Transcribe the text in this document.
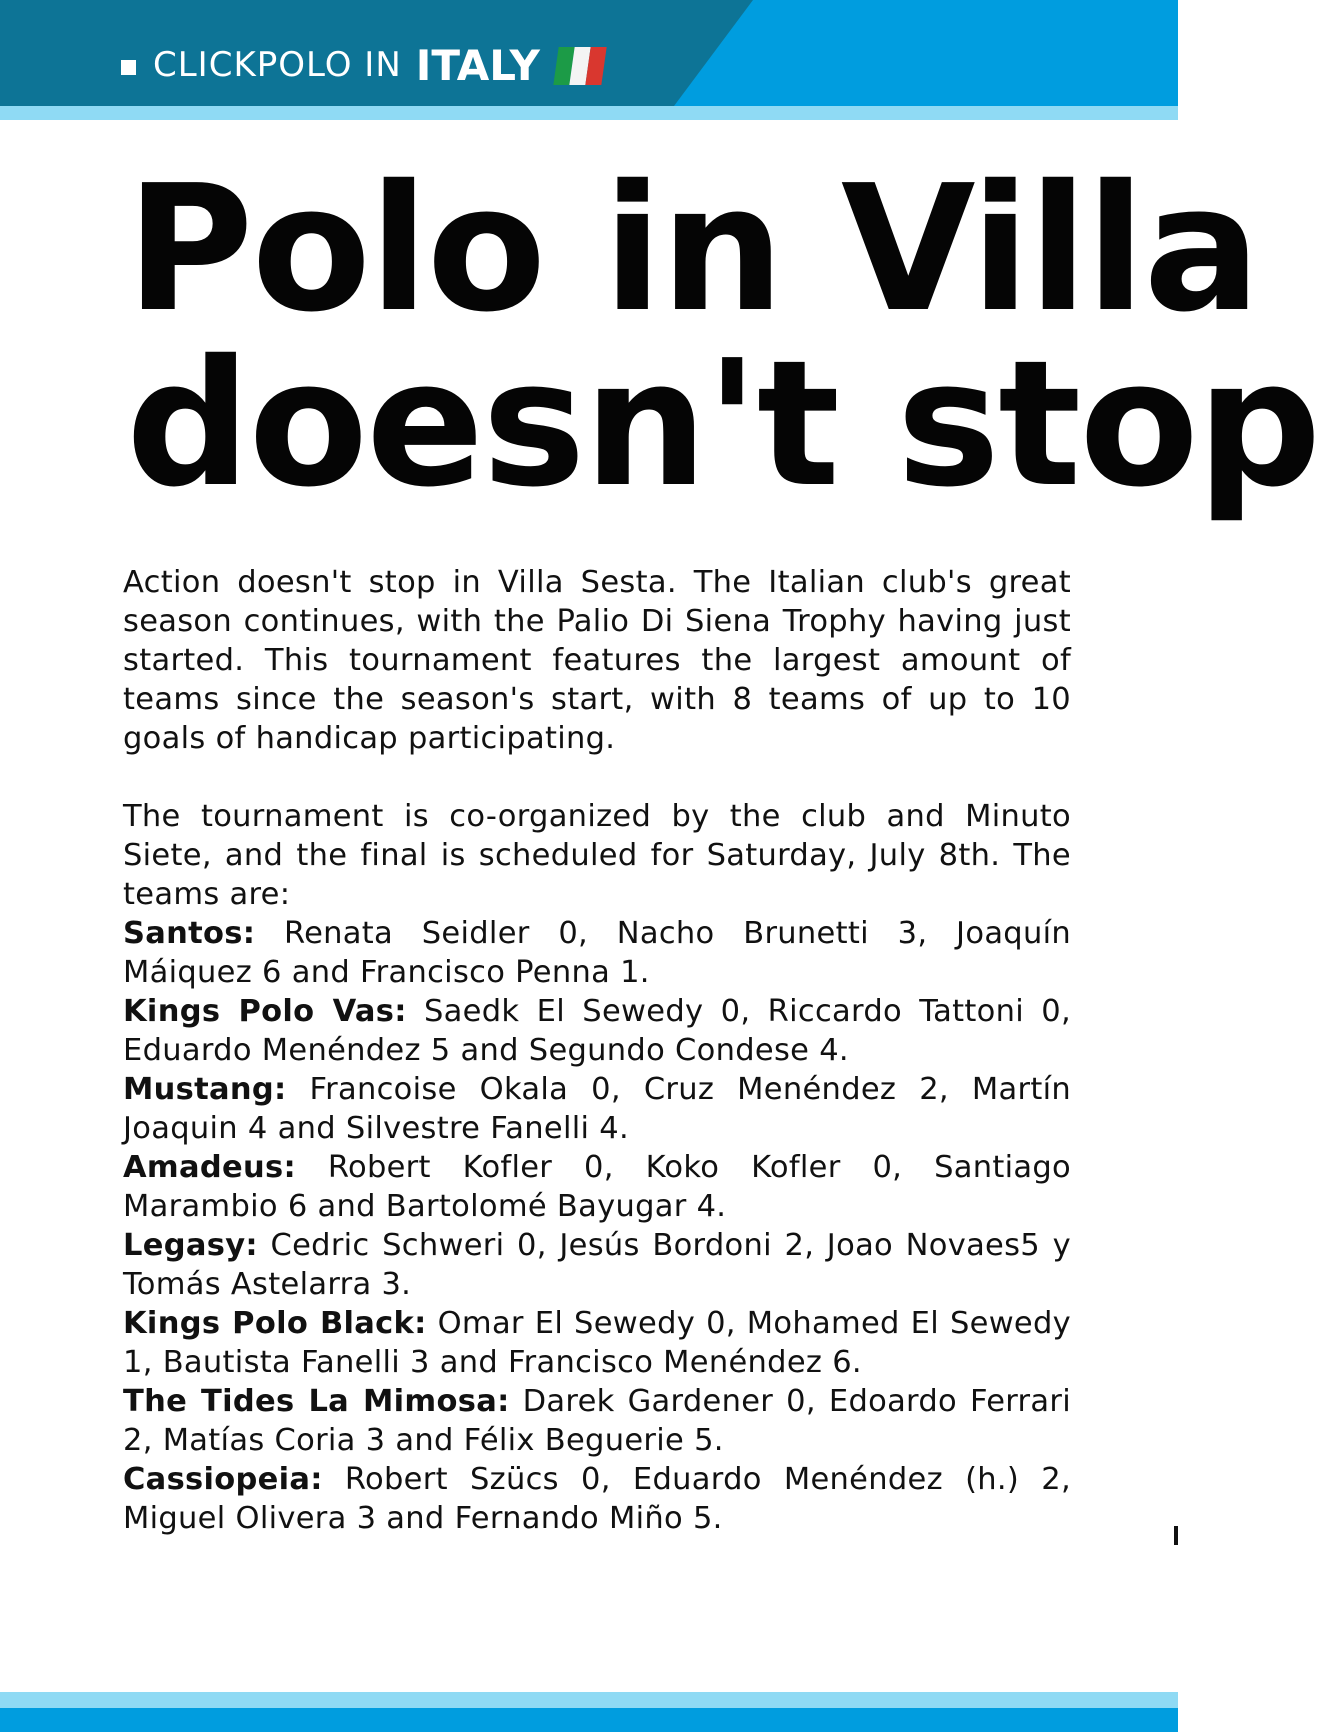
CLICKPOLO IN ITALY
Polo in Villa
doesn't stop

Action doesn't stop in Villa Sesta. The Italian club's great season continues, with the Palio Di Siena Trophy having just started. This tournament features the largest amount of teams since the season's start, with 8 teams of up to 10 goals of handicap participating.

The tournament is co-organized by the club and Minuto Siete, and the final is scheduled for Saturday, July 8th. The teams are:

Santos: Renata Seidler 0, Nacho Brunetti 3, Joaquín Máiquez 6 and Francisco Penna 1.

Kings Polo Vas: Saedk El Sewedy 0, Riccardo Tattoni 0, Eduardo Menéndez 5 and Segundo Condese 4.

Mustang: Francoise Okala 0, Cruz Menéndez 2, Martín Joaquin 4 and Silvestre Fanelli 4.

Amadeus: Robert Kofler 0, Koko Kofler 0, Santiago Marambio 6 and Bartolomé Bayugar 4.

Legasy: Cedric Schweri 0, Jesús Bordoni 2, Joao Novaes5 y Tomás Astelarra 3.

Kings Polo Black: Omar El Sewedy 0, Mohamed El Sewedy 1, Bautista Fanelli 3 and Francisco Menéndez 6.

The Tides La Mimosa: Darek Gardener 0, Edoardo Ferrari 2, Matías Coria 3 and Félix Beguerie 5.

Cassiopeia: Robert Szücs 0, Eduardo Menéndez (h.) 2, Miguel Olivera 3 and Fernando Miño 5.
